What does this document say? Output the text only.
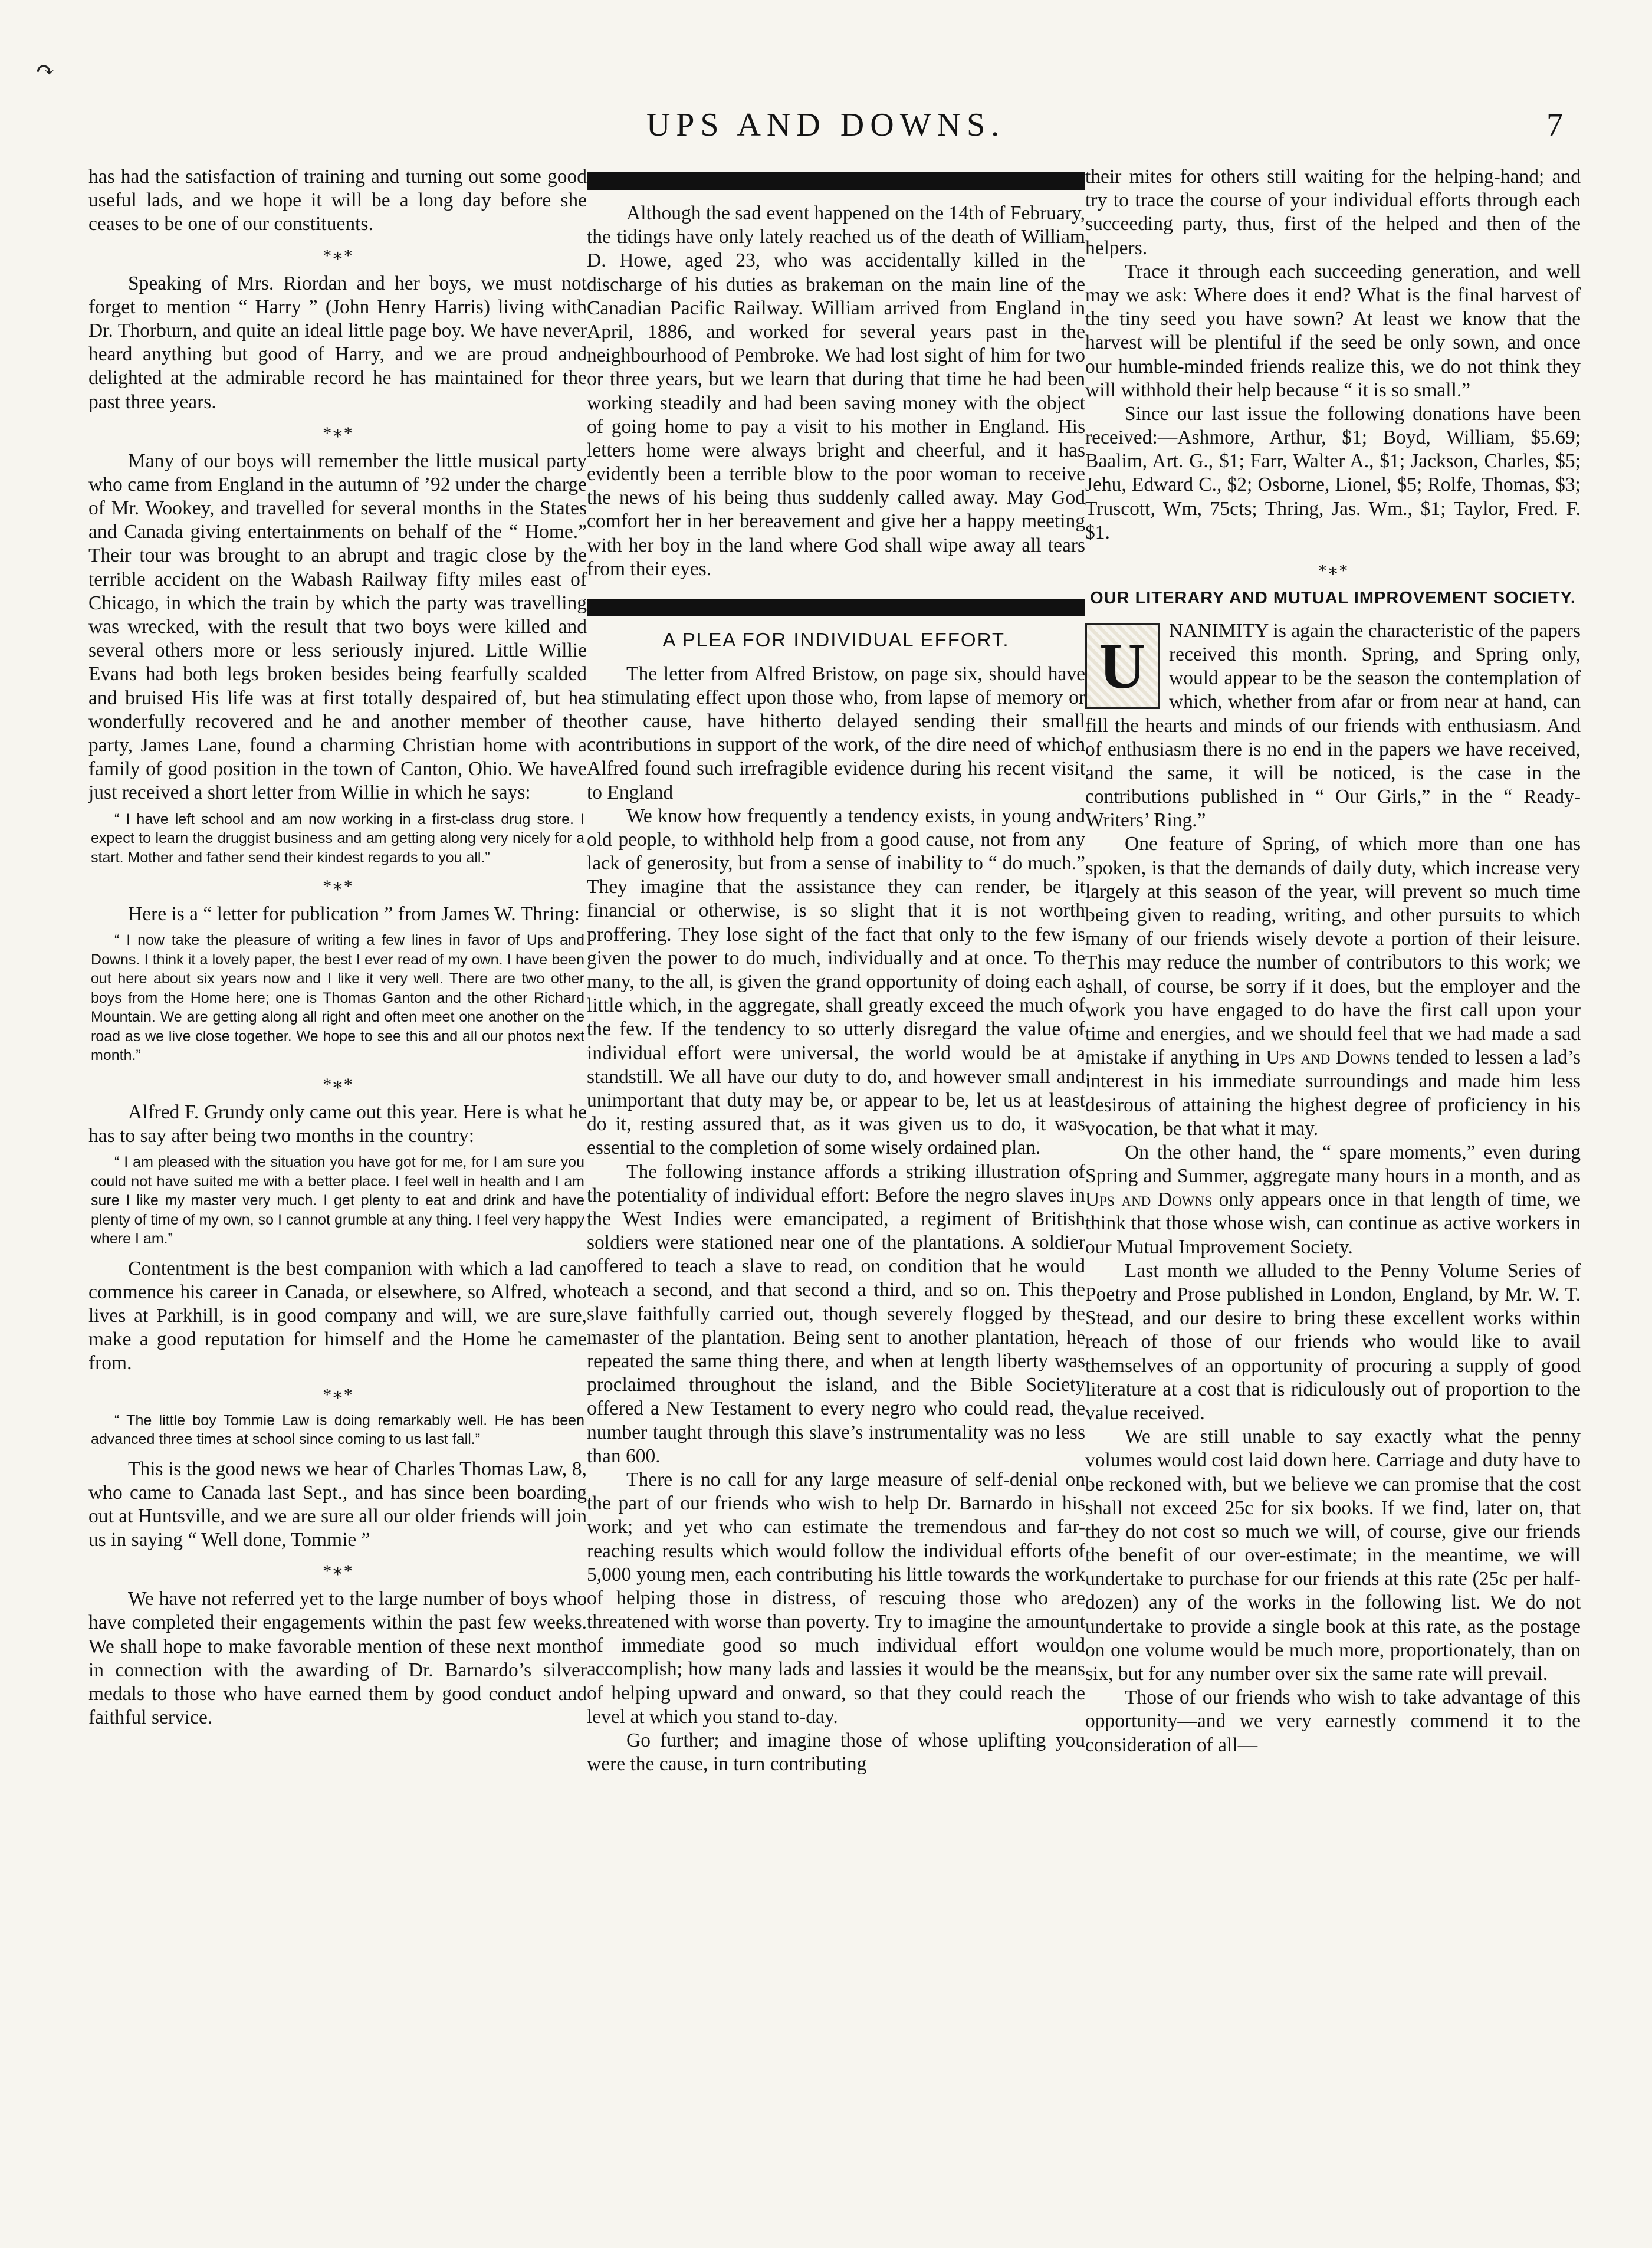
UPS AND DOWNS.	7
↷

has had the satisfaction of training and turning out some good useful lads, and we hope it will be a long day before she ceases to be one of our constituents.

*∗*

Speaking of Mrs. Riordan and her boys, we must not forget to mention “ Harry ” (John Henry Harris) living with Dr. Thorburn, and quite an ideal little page boy. We have never heard anything but good of Harry, and we are proud and delighted at the admirable record he has maintained for the past three years.

*∗*

Many of our boys will remember the little musical party who came from England in the autumn of ’92 under the charge of Mr. Wookey, and travelled for several months in the States and Canada giving entertainments on behalf of the “ Home.” Their tour was brought to an abrupt and tragic close by the terrible accident on the Wabash Railway fifty miles east of Chicago, in which the train by which the party was travelling was wrecked, with the result that two boys were killed and several others more or less seriously injured. Little Willie Evans had both legs broken besides being fearfully scalded and bruised His life was at first totally despaired of, but he wonderfully recovered and he and another member of the party, James Lane, found a charming Christian home with a family of good position in the town of Canton, Ohio. We have just received a short letter from Willie in which he says:

“ I have left school and am now working in a first-class drug store. I expect to learn the druggist business and am getting along very nicely for a start. Mother and father send their kindest regards to you all.”
*∗*

Here is a “ letter for publication ” from James W. Thring:

“ I now take the pleasure of writing a few lines in favor of Ups and Downs. I think it a lovely paper, the best I ever read of my own. I have been out here about six years now and I like it very well. There are two other boys from the Home here; one is Thomas Ganton and the other Richard Mountain. We are getting along all right and often meet one another on the road as we live close together. We hope to see this and all our photos next month.”
*∗*

Alfred F. Grundy only came out this year. Here is what he has to say after being two months in the country:

“ I am pleased with the situation you have got for me, for I am sure you could not have suited me with a better place. I feel well in health and I am sure I like my master very much. I get plenty to eat and drink and have plenty of time of my own, so I cannot grumble at any thing. I feel very happy where I am.”

Contentment is the best companion with which a lad can commence his career in Canada, or elsewhere, so Alfred, who lives at Parkhill, is in good company and will, we are sure, make a good reputation for himself and the Home he came from.

*∗*
“ The little boy Tommie Law is doing remarkably well. He has been advanced three times at school since coming to us last fall.”

This is the good news we hear of Charles Thomas Law, 8, who came to Canada last Sept., and has since been boarding out at Huntsville, and we are sure all our older friends will join us in saying “ Well done, Tommie ”

*∗*

We have not referred yet to the large number of boys who have completed their engagements within the past few weeks. We shall hope to make favorable mention of these next month in connection with the awarding of Dr. Barnardo’s silver medals to those who have earned them by good conduct and faithful service.

Although the sad event happened on the 14th of February, the tidings have only lately reached us of the death of William D. Howe, aged 23, who was accidentally killed in the discharge of his duties as brakeman on the main line of the Canadian Pacific Railway. William arrived from England in April, 1886, and worked for several years past in the neighbourhood of Pembroke. We had lost sight of him for two or three years, but we learn that during that time he had been working steadily and had been saving money with the object of going home to pay a visit to his mother in England. His letters home were always bright and cheerful, and it has evidently been a terrible blow to the poor woman to receive the news of his being thus suddenly called away. May God comfort her in her bereavement and give her a happy meeting with her boy in the land where God shall wipe away all tears from their eyes.

A PLEA FOR INDIVIDUAL EFFORT.

The letter from Alfred Bristow, on page six, should have a stimulating effect upon those who, from lapse of memory or other cause, have hitherto delayed sending their small contributions in support of the work, of the dire need of which Alfred found such irrefragible evidence during his recent visit to England

We know how frequently a tendency exists, in young and old people, to withhold help from a good cause, not from any lack of generosity, but from a sense of inability to “ do much.” They imagine that the assistance they can render, be it financial or otherwise, is so slight that it is not worth proffering. They lose sight of the fact that only to the few is given the power to do much, individually and at once. To the many, to the all, is given the grand opportunity of doing each a little which, in the aggregate, shall greatly exceed the much of the few. If the tendency to so utterly disregard the value of individual effort were universal, the world would be at a standstill. We all have our duty to do, and however small and unimportant that duty may be, or appear to be, let us at least do it, resting assured that, as it was given us to do, it was essential to the completion of some wisely ordained plan.

The following instance affords a striking illustration of the potentiality of individual effort: Before the negro slaves in the West Indies were emancipated, a regiment of British soldiers were stationed near one of the plantations. A soldier offered to teach a slave to read, on condition that he would teach a second, and that second a third, and so on. This the slave faithfully carried out, though severely flogged by the master of the plantation. Being sent to another plantation, he repeated the same thing there, and when at length liberty was proclaimed throughout the island, and the Bible Society offered a New Testament to every negro who could read, the number taught through this slave’s instrumentality was no less than 600.

There is no call for any large measure of self-denial on the part of our friends who wish to help Dr. Barnardo in his work; and yet who can estimate the tremendous and far-reaching results which would follow the individual efforts of 5,000 young men, each contributing his little towards the work of helping those in distress, of rescuing those who are threatened with worse than poverty. Try to imagine the amount of immediate good so much individual effort would accomplish; how many lads and lassies it would be the means of helping upward and onward, so that they could reach the level at which you stand to-day.

Go further; and imagine those of whose uplifting you were the cause, in turn contributing

their mites for others still waiting for the helping-hand; and try to trace the course of your individual efforts through each succeeding party, thus, first of the helped and then of the helpers.

Trace it through each succeeding generation, and well may we ask: Where does it end? What is the final harvest of the tiny seed you have sown? At least we know that the harvest will be plentiful if the seed be only sown, and once our humble-minded friends realize this, we do not think they will withhold their help because “ it is so small.”

Since our last issue the following donations have been received:—Ashmore, Arthur, $1; Boyd, William, $5.69; Baalim, Art. G., $1; Farr, Walter A., $1; Jackson, Charles, $5; Jehu, Edward C., $2; Osborne, Lionel, $5; Rolfe, Thomas, $3; Truscott, Wm, 75cts; Thring, Jas. Wm., $1; Taylor, Fred. F. $1.

*∗*
OUR LITERARY AND MUTUAL IMPROVEMENT SOCIETY.

U	NANIMITY is again the characteristic of the papers received this month. Spring, and Spring only, would appear to be the season the contemplation of which, whether from afar or from near at hand, can fill the hearts and minds of our friends with enthusiasm. And of enthusiasm there is no end in the papers we have received, and the same, it will be noticed, is the case in the contributions published in “ Our Girls,” in the “ Ready-Writers’ Ring.”

One feature of Spring, of which more than one has spoken, is that the demands of daily duty, which increase very largely at this season of the year, will prevent so much time being given to reading, writing, and other pursuits to which many of our friends wisely devote a portion of their leisure. This may reduce the number of contributors to this work; we shall, of course, be sorry if it does, but the employer and the work you have engaged to do have the first call upon your time and energies, and we should feel that we had made a sad mistake if anything in Ups and Downs tended to lessen a lad’s interest in his immediate surroundings and made him less desirous of attaining the highest degree of proficiency in his vocation, be that what it may.

On the other hand, the “ spare moments,” even during Spring and Summer, aggregate many hours in a month, and as Ups and Downs only appears once in that length of time, we think that those whose wish, can continue as active workers in our Mutual Improvement Society.

Last month we alluded to the Penny Volume Series of Poetry and Prose published in London, England, by Mr. W. T. Stead, and our desire to bring these excellent works within reach of those of our friends who would like to avail themselves of an opportunity of procuring a supply of good literature at a cost that is ridiculously out of proportion to the value received.

We are still unable to say exactly what the penny volumes would cost laid down here. Carriage and duty have to be reckoned with, but we believe we can promise that the cost shall not exceed 25c for six books. If we find, later on, that they do not cost so much we will, of course, give our friends the benefit of our over-estimate; in the meantime, we will undertake to purchase for our friends at this rate (25c per half-dozen) any of the works in the following list. We do not undertake to provide a single book at this rate, as the postage on one volume would be much more, proportionately, than on six, but for any number over six the same rate will prevail.

Those of our friends who wish to take advantage of this opportunity—and we very earnestly commend it to the consideration of all—
